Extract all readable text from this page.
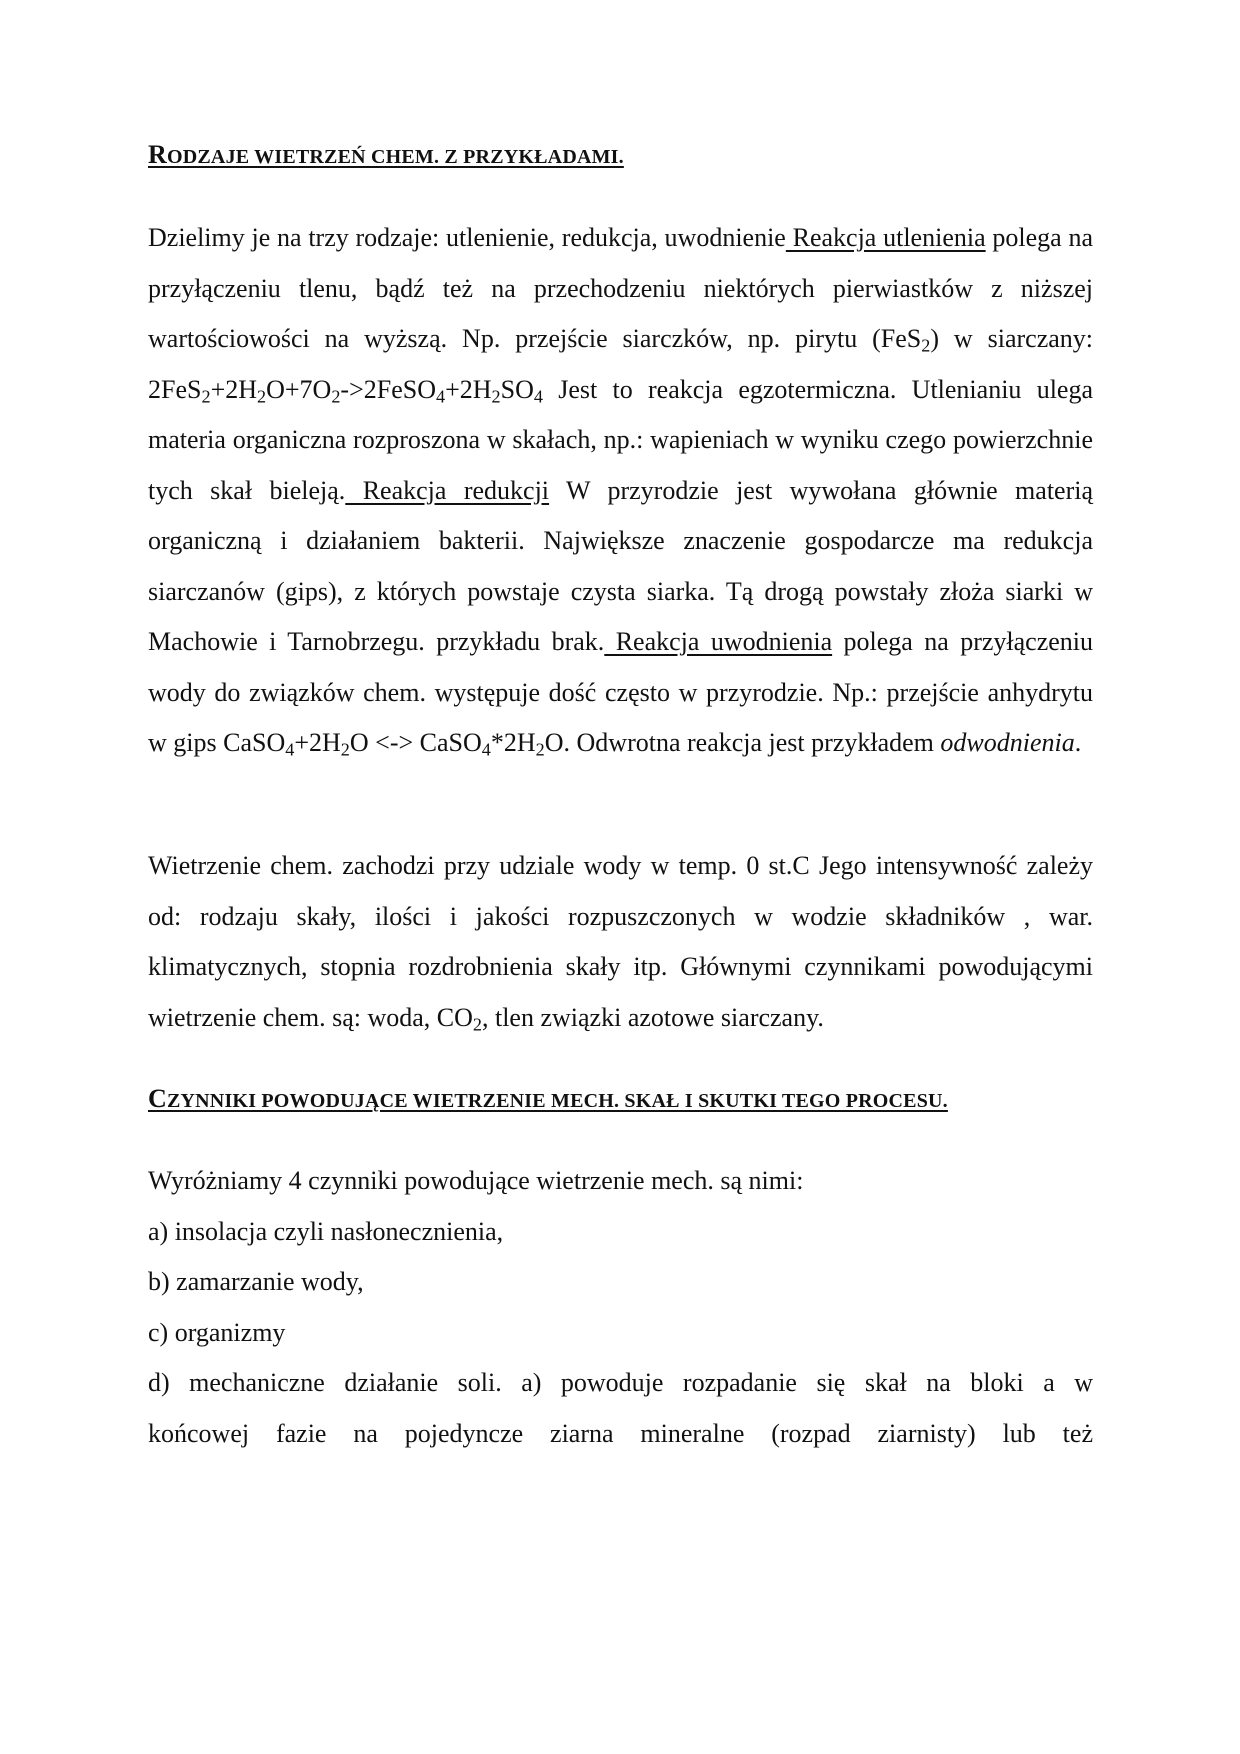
RODZAJE WIETRZEŃ CHEM. Z PRZYKŁADAMI.
Dzielimy je na trzy rodzaje: utlenienie, redukcja, uwodnienie Reakcja utlenienia polega na przyłączeniu tlenu, bądź też na przechodzeniu niektórych pierwiastków z niższej wartościowości na wyższą. Np. przejście siarczków, np. pirytu (FeS$_2$) w siarczany: $2FeS_2+2H_2O+7O_2->2FeSO_4+2H_2SO_4$ Jest to reakcja egzotermiczna. Utlenianiu ulega materia organiczna rozproszona w skałach, np.: wapieniach w wyniku czego powierzchnie tych skał bieleją. Reakcja redukcji W przyrodzie jest wywołana głównie materią organiczną i działaniem bakterii. Największe znaczenie gospodarcze ma redukcja siarczanów (gips), z których powstaje czysta siarka. Tą drogą powstały złoża siarki w Machowie i Tarnobrzegu. przykładu brak. Reakcja uwodnienia polega na przyłączeniu wody do związków chem. występuje dość często w przyrodzie. Np.: przejście anhydrytu w gips $CaSO_4+2H_2O$ <-> $CaSO_4*2H_2O$. Odwrotna reakcja jest przykładem odwodnienia.
Wietrzenie chem. zachodzi przy udziale wody w temp. 0 st.C Jego intensywność zależy od: rodzaju skały, ilości i jakości rozpuszczonych w wodzie składników , war. klimatycznych, stopnia rozdrobnienia skały itp. Głównymi czynnikami powodującymi wietrzenie chem. są: woda, $CO_2$, tlen związki azotowe siarczany.
CZYNNIKI POWODUJĄCE WIETRZENIE MECH. SKAŁ I SKUTKI TEGO PROCESU.
Wyróżniamy 4 czynniki powodujące wietrzenie mech. są nimi:
a) insolacja czyli nasłonecznienia,
b) zamarzanie wody,
c) organizmy
d) mechaniczne działanie soli. a) powoduje rozpadanie się skał na bloki a w
końcowej fazie na pojedyncze ziarna mineralne (rozpad ziarnisty) lub też
